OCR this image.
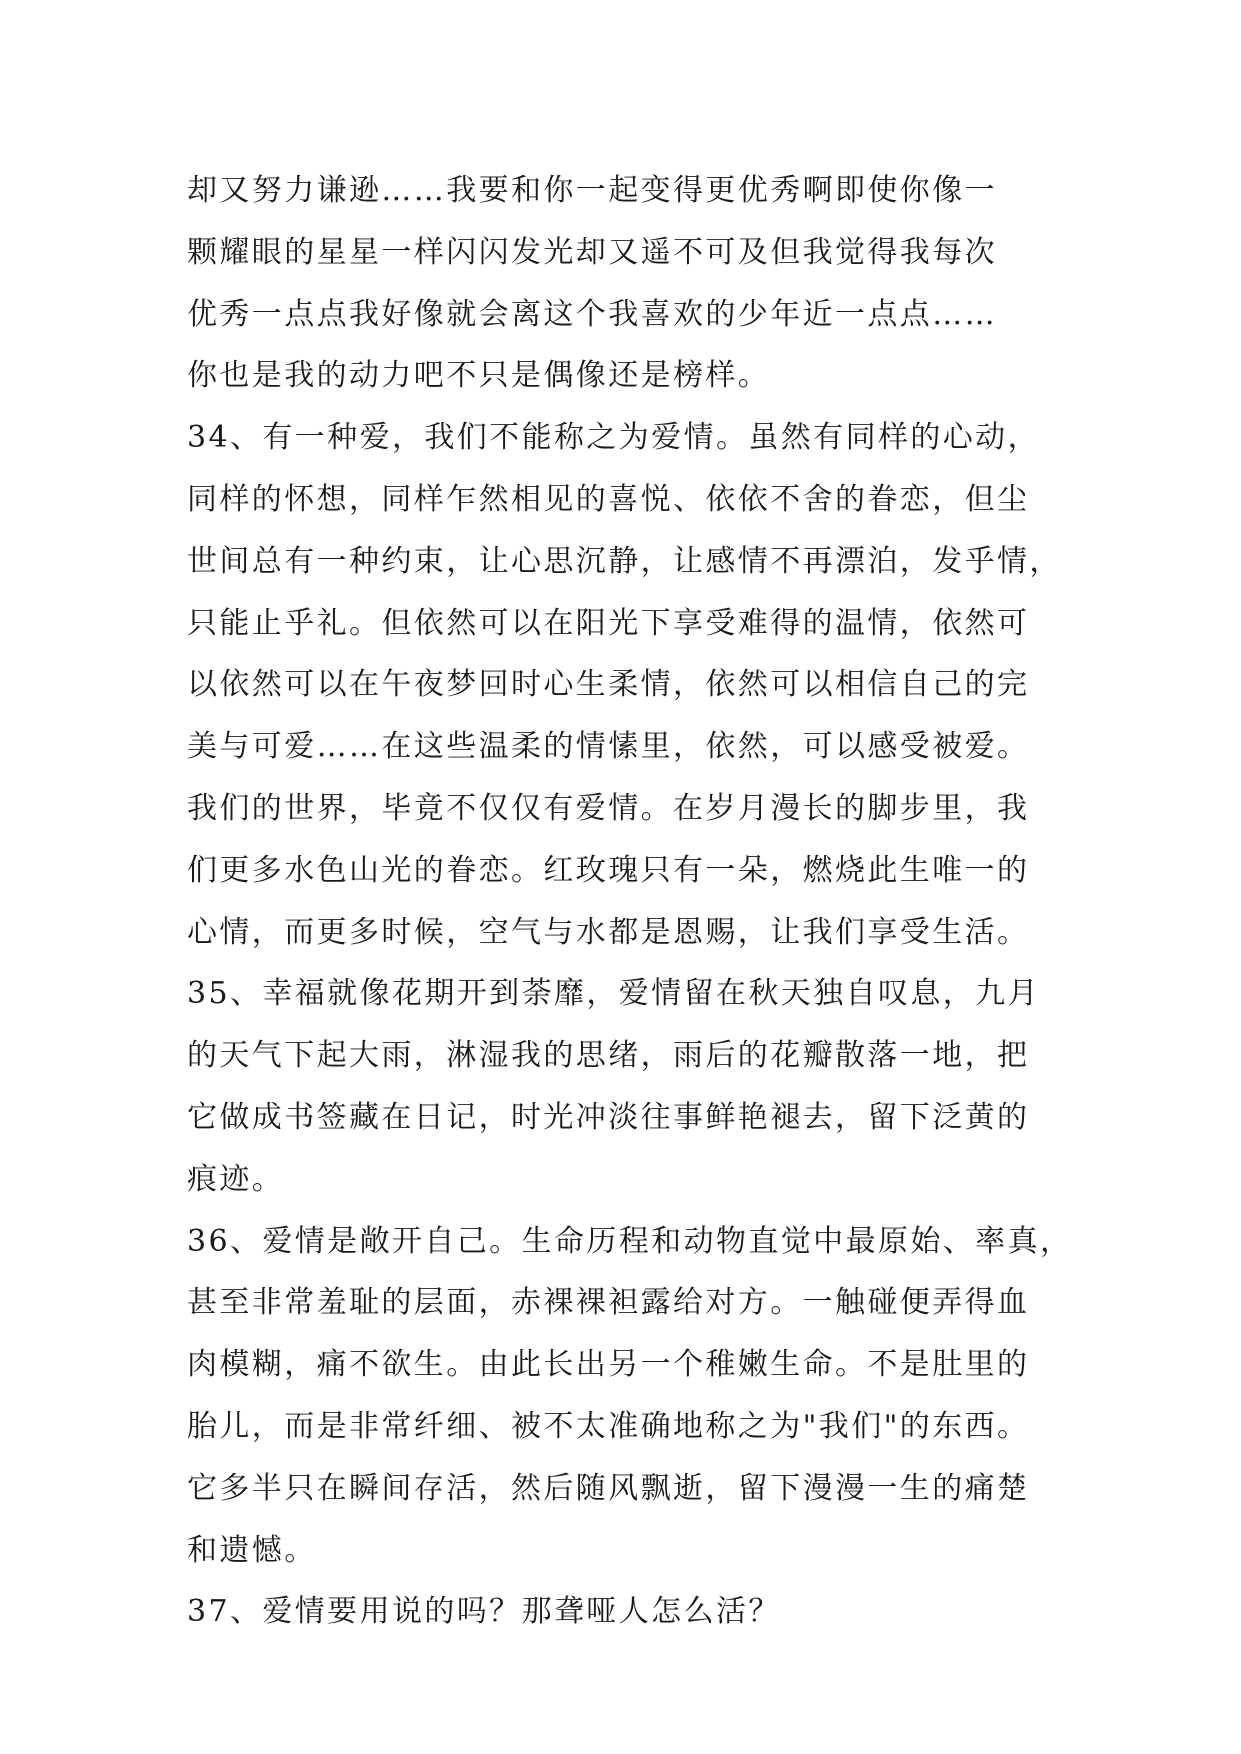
却又努力谦逊……我要和你一起变得更优秀啊即使你像一
颗耀眼的星星一样闪闪发光却又遥不可及但我觉得我每次
优秀一点点我好像就会离这个我喜欢的少年近一点点……
你也是我的动力吧不只是偶像还是榜样。
34、有一种爱，我们不能称之为爱情。虽然有同样的心动，
同样的怀想，同样乍然相见的喜悦、依依不舍的眷恋，但尘
世间总有一种约束，让心思沉静，让感情不再漂泊，发乎情，
只能止乎礼。但依然可以在阳光下享受难得的温情，依然可
以依然可以在午夜梦回时心生柔情，依然可以相信自己的完
美与可爱……在这些温柔的情愫里，依然，可以感受被爱。
我们的世界，毕竟不仅仅有爱情。在岁月漫长的脚步里，我
们更多水色山光的眷恋。红玫瑰只有一朵，燃烧此生唯一的
心情，而更多时候，空气与水都是恩赐，让我们享受生活。
35、幸福就像花期开到荼靡，爱情留在秋天独自叹息，九月
的天气下起大雨，淋湿我的思绪，雨后的花瓣散落一地，把
它做成书签藏在日记，时光冲淡往事鲜艳褪去，留下泛黄的
痕迹。
36、爱情是敞开自己。生命历程和动物直觉中最原始、率真，
甚至非常羞耻的层面，赤裸裸袒露给对方。一触碰便弄得血
肉模糊，痛不欲生。由此长出另一个稚嫩生命。不是肚里的
胎儿，而是非常纤细、被不太准确地称之为"我们"的东西。
它多半只在瞬间存活，然后随风飘逝，留下漫漫一生的痛楚
和遗憾。
37、爱情要用说的吗？那聋哑人怎么活？
